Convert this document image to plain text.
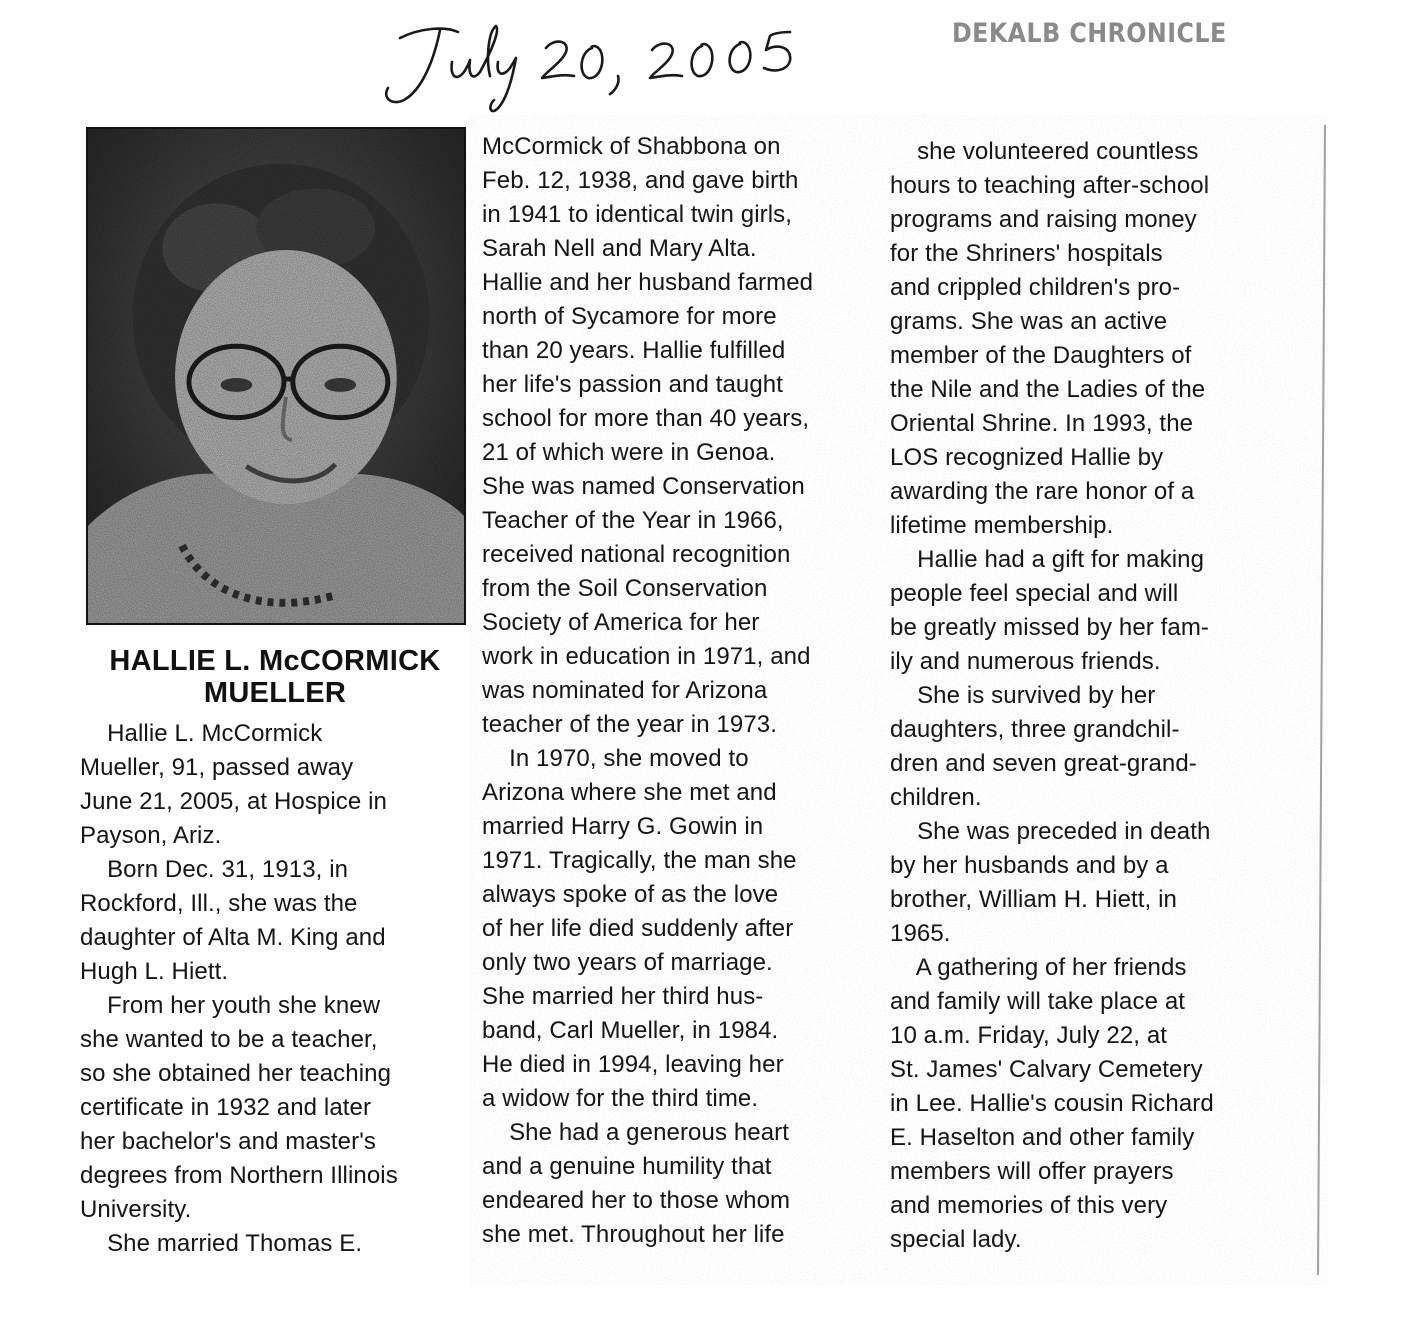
DEKALB CHRONICLE
HALLIE L. McCORMICK
MUELLER

Hallie L. McCormick

Mueller, 91, passed away

June 21, 2005, at Hospice in

Payson, Ariz.

Born Dec. 31, 1913, in

Rockford, Ill., she was the

daughter of Alta M. King and

Hugh L. Hiett.

From her youth she knew

she wanted to be a teacher,

so she obtained her teaching

certificate in 1932 and later

her bachelor's and master's

degrees from Northern Illinois

University.

She married Thomas E.

McCormick of Shabbona on

Feb. 12, 1938, and gave birth

in 1941 to identical twin girls,

Sarah Nell and Mary Alta.

Hallie and her husband farmed

north of Sycamore for more

than 20 years. Hallie fulfilled

her life's passion and taught

school for more than 40 years,

21 of which were in Genoa.

She was named Conservation

Teacher of the Year in 1966,

received national recognition

from the Soil Conservation

Society of America for her

work in education in 1971, and

was nominated for Arizona

teacher of the year in 1973.

In 1970, she moved to

Arizona where she met and

married Harry G. Gowin in

1971. Tragically, the man she

always spoke of as the love

of her life died suddenly after

only two years of marriage.

She married her third hus-

band, Carl Mueller, in 1984.

He died in 1994, leaving her

a widow for the third time.

She had a generous heart

and a genuine humility that

endeared her to those whom

she met. Throughout her life

she volunteered countless

hours to teaching after-school

programs and raising money

for the Shriners' hospitals

and crippled children's pro-

grams. She was an active

member of the Daughters of

the Nile and the Ladies of the

Oriental Shrine. In 1993, the

LOS recognized Hallie by

awarding the rare honor of a

lifetime membership.

Hallie had a gift for making

people feel special and will

be greatly missed by her fam-

ily and numerous friends.

She is survived by her

daughters, three grandchil-

dren and seven great-grand-

children.

She was preceded in death

by her husbands and by a

brother, William H. Hiett, in

1965.

A gathering of her friends

and family will take place at

10 a.m. Friday, July 22, at

St. James' Calvary Cemetery

in Lee. Hallie's cousin Richard

E. Haselton and other family

members will offer prayers

and memories of this very

special lady.
